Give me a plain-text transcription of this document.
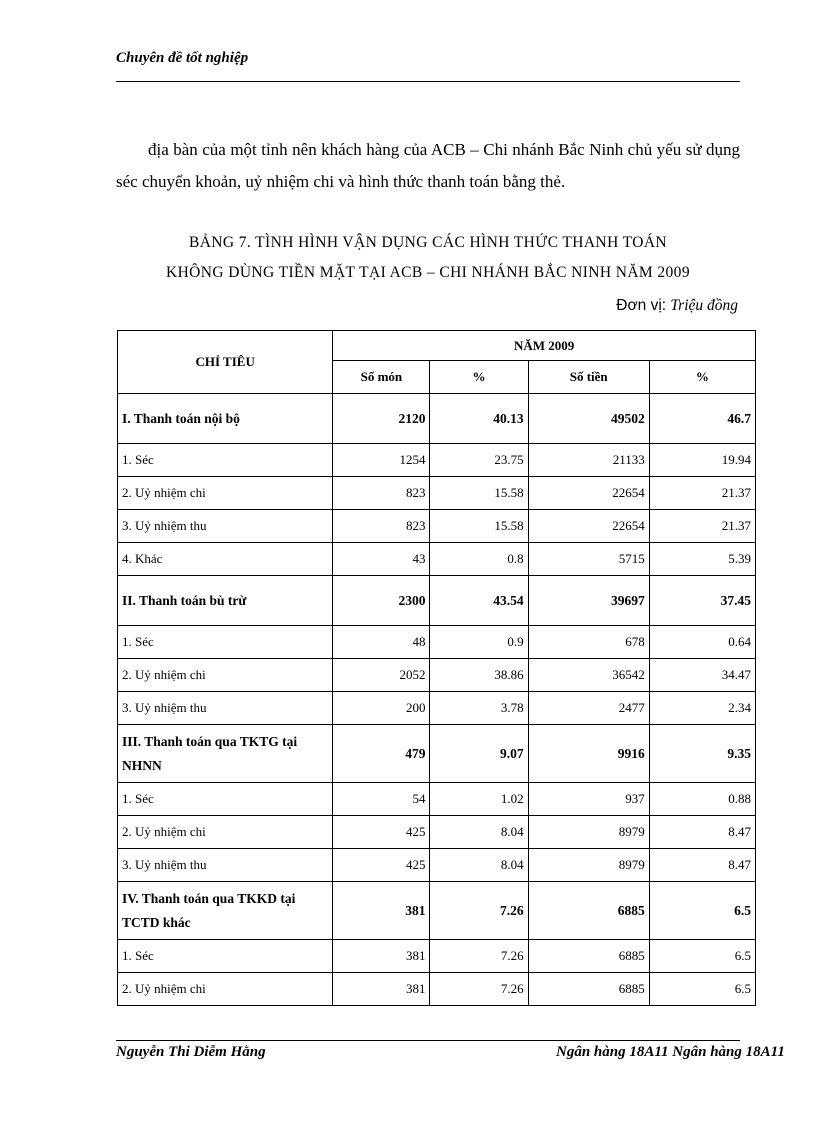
Chuyên đề tốt nghiệp
địa bàn của một tỉnh nên khách hàng của ACB – Chi nhánh Bắc Ninh chủ yếu sử dụng séc chuyển khoản, uỷ nhiệm chi và hình thức thanh toán bằng thẻ.
BẢNG 7. TÌNH HÌNH VẬN DỤNG CÁC HÌNH THỨC THANH TOÁN
KHÔNG DÙNG TIỀN MẶT TẠI ACB – CHI NHÁNH BẮC NINH NĂM 2009
Đơn vị: Triệu đồng
CHỈ TIÊU	NĂM 2009			
	Số món	%	Số tiền	%
I. Thanh toán nội bộ	2120	40.13	49502	46.7
1. Séc	1254	23.75	21133	19.94
2. Uỷ nhiệm chi	823	15.58	22654	21.37
3. Uỷ nhiệm thu	823	15.58	22654	21.37
4. Khác	43	0.8	5715	5.39
II. Thanh toán bù trừ	2300	43.54	39697	37.45
1. Séc	48	0.9	678	0.64
2. Uỷ nhiệm chi	2052	38.86	36542	34.47
3. Uỷ nhiệm thu	200	3.78	2477	2.34
III. Thanh toán qua TKTG tại NHNN	479	9.07	9916	9.35
1. Séc	54	1.02	937	0.88
2. Uỷ nhiệm chi	425	8.04	8979	8.47
3. Uỷ nhiệm thu	425	8.04	8979	8.47
IV. Thanh toán qua TKKD tại TCTD khác	381	7.26	6885	6.5
1. Séc	381	7.26	6885	6.5
2. Uỷ nhiệm chi	381	7.26	6885	6.5
Nguyễn Thi Diễm Hằng	Ngân hàng 18A11 Ngân hàng 18A11
